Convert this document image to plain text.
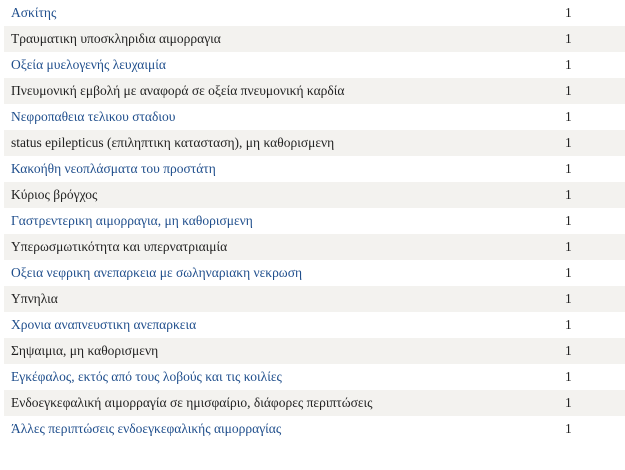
Ασκίτης	1
Τραυματικη υποσκληριδια αιμορραγια	1
Οξεία μυελογενής λευχαιμία	1
Πνευμονική εμβολή με αναφορά σε οξεία πνευμονική καρδία	1
Νεφροπαθεια τελικου σταδιου	1
status epilepticus (επιληπτικη κατασταση), μη καθορισμενη	1
Κακοήθη νεοπλάσματα του προστάτη	1
Κύριος βρόγχος	1
Γαστρεντερικη αιμορραγια, μη καθορισμενη	1
Υπερωσμωτικότητα και υπερνατριαιμία	1
Οξεια νεφρικη ανεπαρκεια με σωληναριακη νεκρωση	1
Υπνηλια	1
Χρονια αναπνευστικη ανεπαρκεια	1
Σηψαιμια, μη καθορισμενη	1
Εγκέφαλος, εκτός από τους λοβούς και τις κοιλίες	1
Ενδοεγκεφαλική αιμορραγία σε ημισφαίριο, διάφορες περιπτώσεις	1
Άλλες περιπτώσεις ενδοεγκεφαλικής αιμορραγίας	1
